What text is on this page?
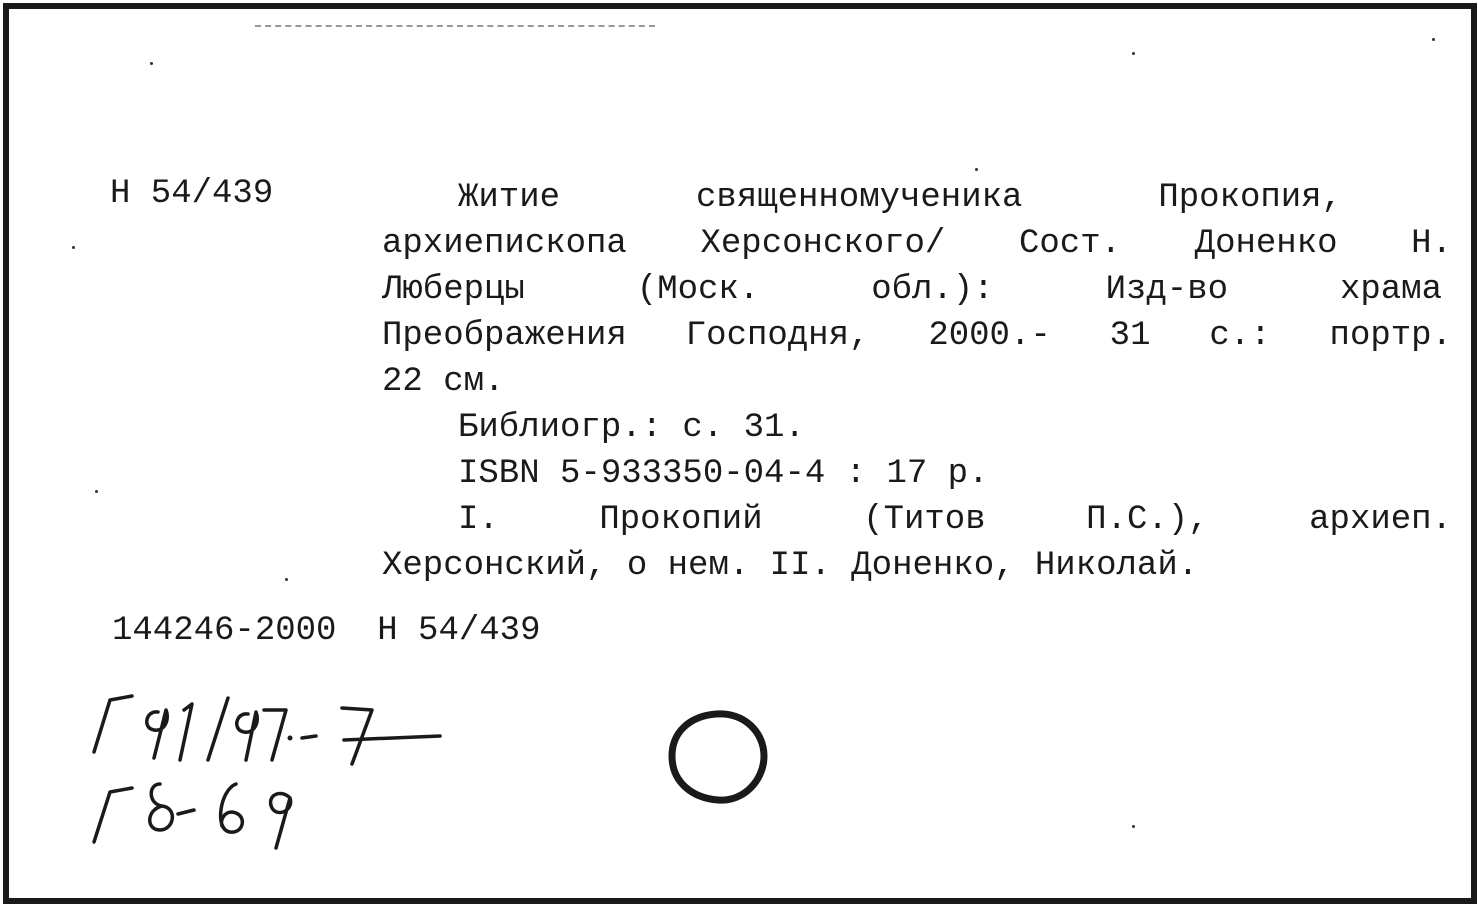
Н 54/439	Житие	священномученика	Прокопия,
архиепископа Херсонского/ Сост. Доненко Н.
Люберцы	(Моск.	обл.):	Изд-во	храма
Преображения Господня, 2000.- 31 с.: портр.
22 см.
Библиогр.: с. 31.
ISBN 5-933350-04-4 : 17 р.
I.	Прокопий	(Титов	П.С.),	архиеп.
Херсонский, о нем. II. Доненко, Николай.
144246-2000  Н 54/439
